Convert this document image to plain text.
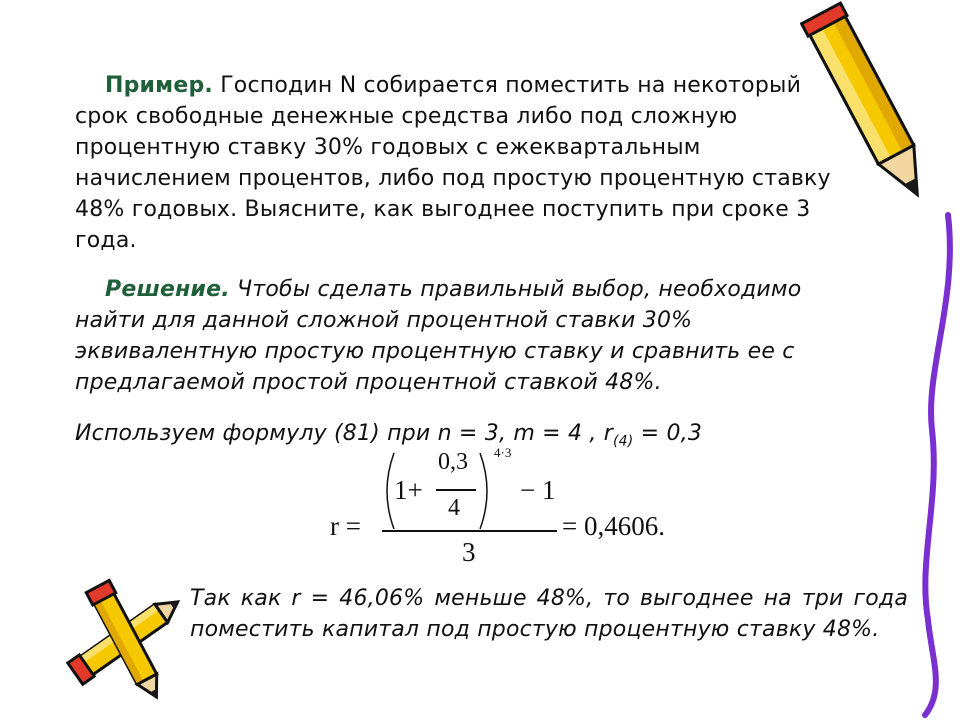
Пример. Господин N собирается поместить на некоторый срок свободные денежные средства либо под сложную процентную ставку 30% годовых с ежеквартальным начислением процентов, либо под простую процентную ставку 48% годовых. Выясните, как выгоднее поступить при сроке 3 года.
Решение. Чтобы сделать правильный выбор, необходимо найти для данной сложной процентной ставки 30% эквивалентную простую процентную ставку и сравнить ее с предлагаемой простой процентной ставкой 48%.
Используем формулу (81) при n = 3, m = 4 , $r_{(4)} = 0,3$
r =
1+
0,3
4
4·3
− 1
3
= 0,4606.
Так как r = 46,06% меньше 48%, то выгоднее на три года поместить капитал под простую процентную ставку 48%.
